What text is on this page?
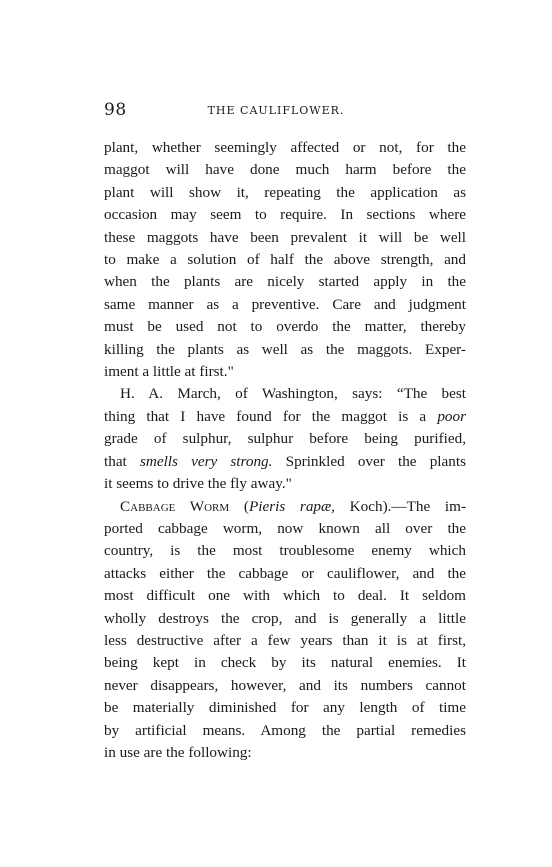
98	THE CAULIFLOWER.
plant, whether seemingly affected or not, for the
maggot will have done much harm before the
plant will show it, repeating the application as
occasion may seem to require. In sections where
these maggots have been prevalent it will be well
to make a solution of half the above strength, and
when the plants are nicely started apply in the
same manner as a preventive. Care and judgment
must be used not to overdo the matter, thereby
killing the plants as well as the maggots. Exper-
iment a little at first."
H. A. March, of Washington, says: “The best
thing that I have found for the maggot is a poor
grade of sulphur, sulphur before being purified,
that smells very strong. Sprinkled over the plants
it seems to drive the fly away."
Cabbage Worm (Pieris rapæ, Koch).—The im-
ported cabbage worm, now known all over the
country, is the most troublesome enemy which
attacks either the cabbage or cauliflower, and the
most difficult one with which to deal. It seldom
wholly destroys the crop, and is generally a little
less destructive after a few years than it is at first,
being kept in check by its natural enemies. It
never disappears, however, and its numbers cannot
be materially diminished for any length of time
by artificial means. Among the partial remedies
in use are the following:
